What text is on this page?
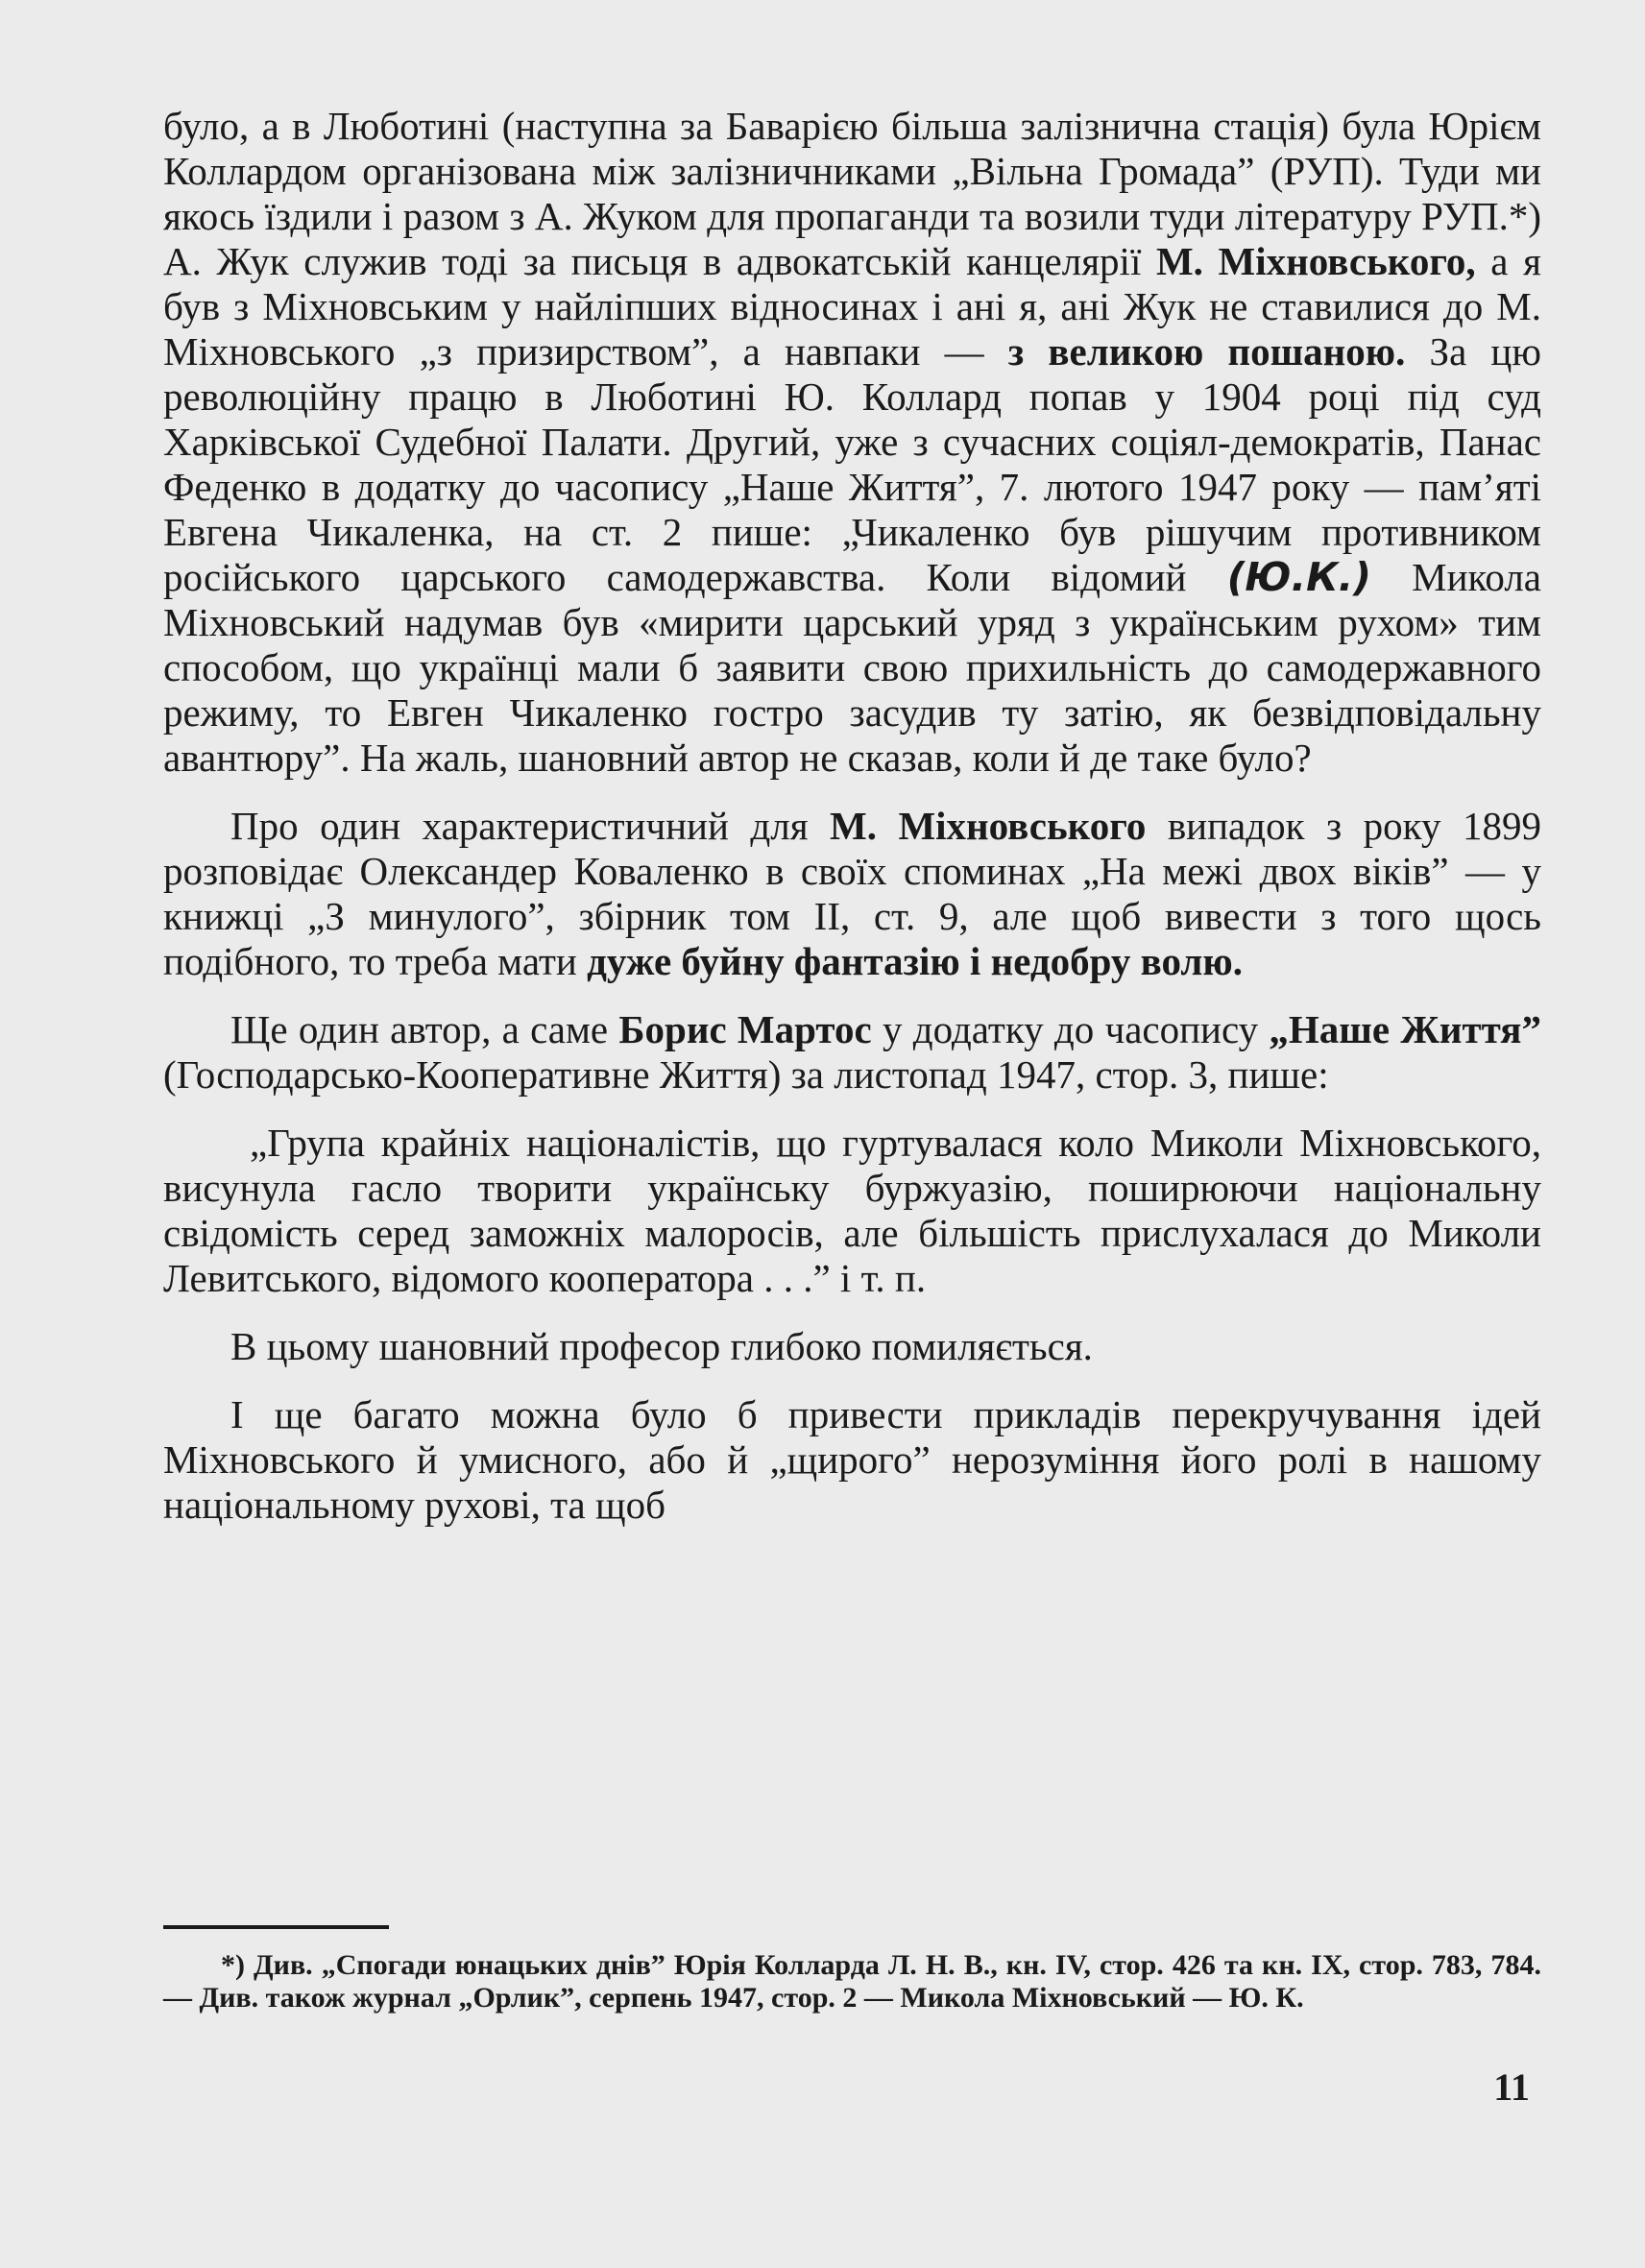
було, а в Люботині (наступна за Баварією більша залізнична стація) була Юрієм Коллардом організована між залізничниками „Вільна Громада” (РУП). Туди ми якось їздили і разом з А. Жуком для пропаганди та возили туди літературу РУП.*) А. Жук служив тоді за письця в адвокатській канцелярії М. Міхновського, а я був з Міхновським у найліпших відносинах і ані я, ані Жук не ставилися до М. Міхновського „з призирством”, а навпаки — з великою пошаною. За цю революційну працю в Люботині Ю. Коллард попав у 1904 році під суд Харківської Судебної Палати. Другий, уже з сучасних соціял-демократів, Панас Феденко в додатку до часопису „Наше Життя”, 7. лютого 1947 року — пам’яті Евгена Чикаленка, на ст. 2 пише: „Чикаленко був рішучим противником російського царського самодержавства. Коли відомий (Ю.К.) Микола Міхновський надумав був «мирити царський уряд з українським рухом» тим способом, що українці мали б заявити свою прихильність до самодержавного режиму, то Евген Чикаленко гостро засудив ту затію, як безвідповідальну авантюру”. На жаль, шановний автор не сказав, коли й де таке було?

Про один характеристичний для М. Міхновського випадок з року 1899 розповідає Олександер Коваленко в своїх споминах „На межі двох віків” — у книжці „З минулого”, збірник том II, ст. 9, але щоб вивести з того щось подібного, то треба мати дуже буйну фантазію і недобру волю.

Ще один автор, а саме Борис Мартос у додатку до часопису „Наше Життя” (Господарсько-Кооперативне Життя) за листопад 1947, стор. 3, пише:

„Група крайніх націоналістів, що гуртувалася коло Миколи Міхновського, висунула гасло творити українську буржуазію, поширюючи національну свідомість серед заможніх малоросів, але більшість прислухалася до Миколи Левитського, відомого кооператора . . .” і т. п.

В цьому шановний професор глибоко помиляється.

І ще багато можна було б привести прикладів перекручування ідей Міхновського й умисного, або й „щирого” нерозуміння його ролі в нашому національному рухові, та щоб

*) Див. „Спогади юнацьких днів” Юрія Колларда Л. Н. В., кн. IV, стор. 426 та кн. IX, стор. 783, 784. — Див. також журнал „Орлик”, серпень 1947, стор. 2 — Микола Міхновський — Ю. К.

11
